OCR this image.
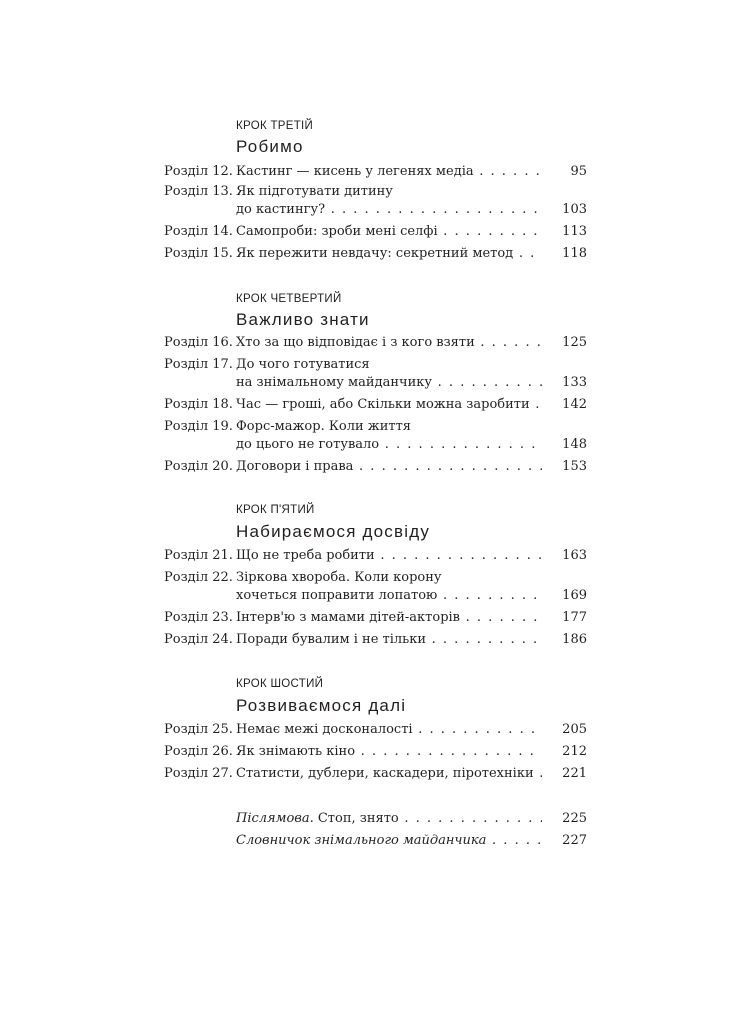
КРОК ТРЕТІЙ
Робимо
Розділ 12. Кастинг — кисень у легенях медіа . . .	95
Розділ 13. Як підготувати дитину
до кастингу? . . .	103
Розділ 14. Самопроби: зроби мені селфі . . .	113
Розділ 15. Як пережити невдачу: секретний метод . . .	118
КРОК ЧЕТВЕРТИЙ
Важливо знати
Розділ 16. Хто за що відповідає і з кого взяти . . .	125
Розділ 17. До чого готуватися
на знімальному майданчику . . .	133
Розділ 18. Час — гроші, або Скільки можна заробити . . .	142
Розділ 19. Форс-мажор. Коли життя
до цього не готувало . . .	148
Розділ 20. Договори і права . . .	153
КРОК П'ЯТИЙ
Набираємося досвіду
Розділ 21. Що не треба робити . . .	163
Розділ 22. Зіркова хвороба. Коли корону
хочеться поправити лопатою . . .	169
Розділ 23. Інтерв'ю з мамами дітей-акторів . . .	177
Розділ 24. Поради бувалим і не тільки . . .	186
КРОК ШОСТИЙ
Розвиваємося далі
Розділ 25. Немає межі досконалості . . .	205
Розділ 26. Як знімають кіно . . .	212
Розділ 27. Статисти, дублери, каскадери, піротехніки . . .	221
Післямова. Стоп, знято . . .	225
Словничок знімального майданчика . . .	227
